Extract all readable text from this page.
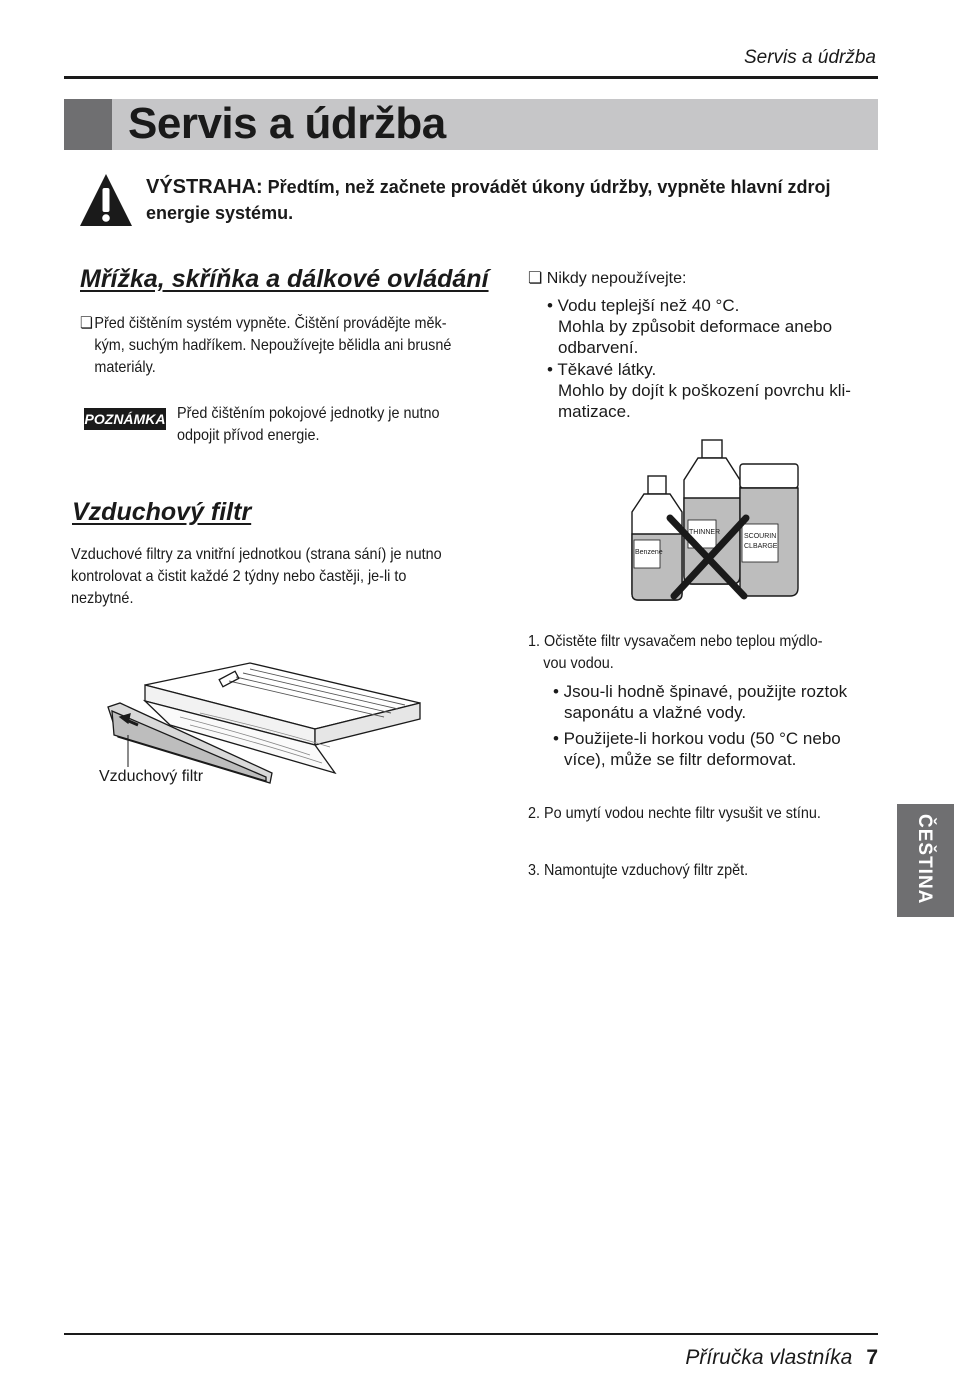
Servis a údržba
Servis a údržba
VÝSTRAHA: Předtím, než začnete provádět úkony údržby, vypněte hlavní zdroj energie systému.
Mřížka, skříňka a dálkové ovládání
❏ Před čištěním systém vypněte. Čištění provádějte měk-
kým, suchým hadříkem. Nepoužívejte bělidla ani brusné
materiály.
POZNÁMKA Před čištěním pokojové jednotky je nutno
odpojit přívod energie.
Vzduchový filtr
Vzduchové filtry za vnitřní jednotkou (strana sání) je nutno
kontrolovat a čistit každé 2 týdny nebo častěji, je-li to
nezbytné.
Vzduchový filtr
❏ Nikdy nepoužívejte:
• Vodu teplejší než 40 °C.
Mohla by způsobit deformace anebo
odbarvení.
• Těkavé látky.
Mohlo by dojít k poškození povrchu kli-
matizace.
Benzene
THINNER
SCOURIN
CLBARGE
1. Očistěte filtr vysavačem nebo teplou mýdlo-
vou vodou.
• Jsou-li hodně špinavé, použijte roztok
saponátu a vlažné vody.
• Použijete-li horkou vodu (50 °C nebo
více), může se filtr deformovat.
2. Po umytí vodou nechte filtr vysušit ve stínu.
3. Namontujte vzduchový filtr zpět.	ČEŠTINA
Příručka vlastníka 7
